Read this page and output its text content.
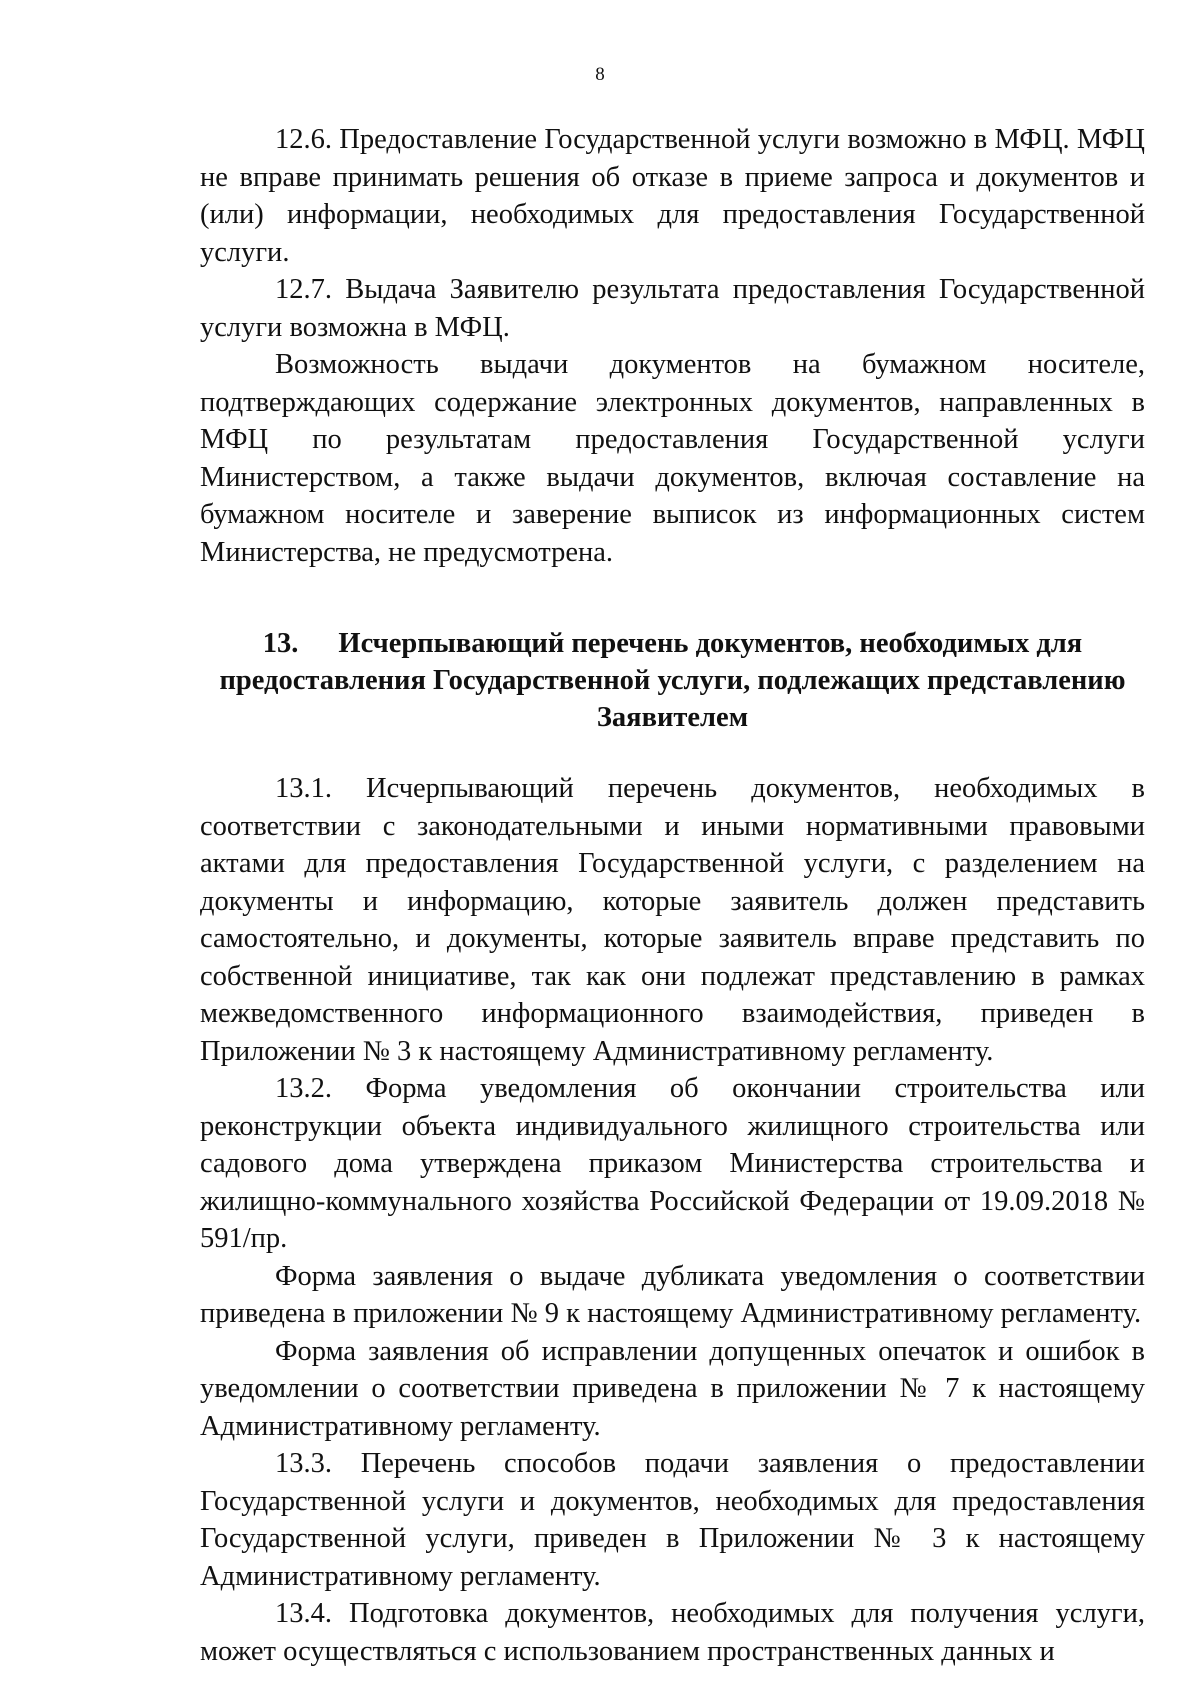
8

12.6. Предоставление Государственной услуги возможно в МФЦ. МФЦ не вправе принимать решения об отказе в приеме запроса и документов и (или) информации, необходимых для предоставления Государственной услуги.

12.7. Выдача Заявителю результата предоставления Государственной услуги возможна в МФЦ.

Возможность выдачи документов на бумажном носителе, подтверждающих содержание электронных документов, направленных в МФЦ по результатам предоставления Государственной услуги Министерством, а также выдачи документов, включая составление на бумажном носителе и заверение выписок из информационных систем Министерства, не предусмотрена.

13. Исчерпывающий перечень документов, необходимых для предоставления Государственной услуги, подлежащих представлению Заявителем

13.1. Исчерпывающий перечень документов, необходимых в соответствии с законодательными и иными нормативными правовыми актами для предоставления Государственной услуги, с разделением на документы и информацию, которые заявитель должен представить самостоятельно, и документы, которые заявитель вправе представить по собственной инициативе, так как они подлежат представлению в рамках межведомственного информационного взаимодействия, приведен в Приложении № 3 к настоящему Административному регламенту.

13.2. Форма уведомления об окончании строительства или реконструкции объекта индивидуального жилищного строительства или садового дома утверждена приказом Министерства строительства и жилищно-коммунального хозяйства Российской Федерации от 19.09.2018 № 591/пр.

Форма заявления о выдаче дубликата уведомления о соответствии приведена в приложении № 9 к настоящему Административному регламенту.

Форма заявления об исправлении допущенных опечаток и ошибок в уведомлении о соответствии приведена в приложении № 7 к настоящему Административному регламенту.

13.3. Перечень способов подачи заявления о предоставлении Государственной услуги и документов, необходимых для предоставления Государственной услуги, приведен в Приложении № 3 к настоящему Административному регламенту.

13.4. Подготовка документов, необходимых для получения услуги, может осуществляться с использованием пространственных данных и
